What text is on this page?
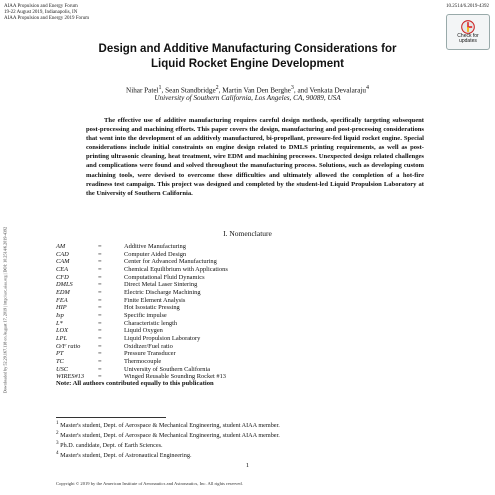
AIAA Propulsion and Energy Forum
19-22 August 2019, Indianapolis, IN
AIAA Propulsion and Energy 2019 Forum
10.2514/6.2019-4392
Check for
updates
Design and Additive Manufacturing Considerations for
Liquid Rocket Engine Development
Nihar Patel$^1$, Sean Standbridge$^2$, Martin Van Den Berghe$^3$, and Venkata Devalaraju$^4$
University of Southern California, Los Angeles, CA, 90089, USA
The effective use of additive manufacturing requires careful design methods, specifically targeting subsequent post-processing and machining efforts. This paper covers the design, manufacturing and post-processing considerations that went into the development of an additively manufactured, bi-propellant, pressure-fed liquid rocket engine. Special considerations include initial constraints on engine design related to DMLS printing requirements, as well as post-printing ultrasonic cleaning, heat treatment, wire EDM and machining processes. Unexpected design related challenges and complications were found and solved throughout the manufacturing process. Solutions, such as developing custom machining tools, were devised to overcome these difficulties and ultimately allowed the completion of a hot-fire readiness test campaign. This project was designed and completed by the student-led Liquid Propulsion Laboratory at the University of Southern California.
Downloaded by 52.29.167.118 on August 17, 2019 | http://arc.aiaa.org | DOI: 10.2514/6.2019-4392	I. Nomenclature
AM	=	Additive Manufacturing
CAD	=	Computer Aided Design
CAM	=	Center for Advanced Manufacturing
CEA	=	Chemical Equilibrium with Applications
CFD	=	Computational Fluid Dynamics
DMLS	=	Direct Metal Laser Sintering
EDM	=	Electric Discharge Machining
FEA	=	Finite Element Analysis
HIP	=	Hot Isostatic Pressing
Isp	=	Specific impulse
L*	=	Characteristic length
LOX	=	Liquid Oxygen
LPL	=	Liquid Propulsion Laboratory
O/F ratio	=	Oxidizer/Fuel ratio
PT	=	Pressure Transducer
TC	=	Thermocouple
USC	=	University of Southern California
WIRES#13	=	Winged Reusable Sounding Rocket #13
Note: All authors contributed equally to this publication
$^1$ Master's student, Dept. of Aerospace & Mechanical Engineering, student AIAA member.
$^2$ Master's student, Dept. of Aerospace & Mechanical Engineering, student AIAA member.
$^3$ Ph.D. candidate, Dept. of Earth Sciences.
$^4$ Master's student, Dept. of Astronautical Engineering.
1
Copyright © 2019 by the American Institute of Aeronautics and Astronautics, Inc. All rights reserved.
